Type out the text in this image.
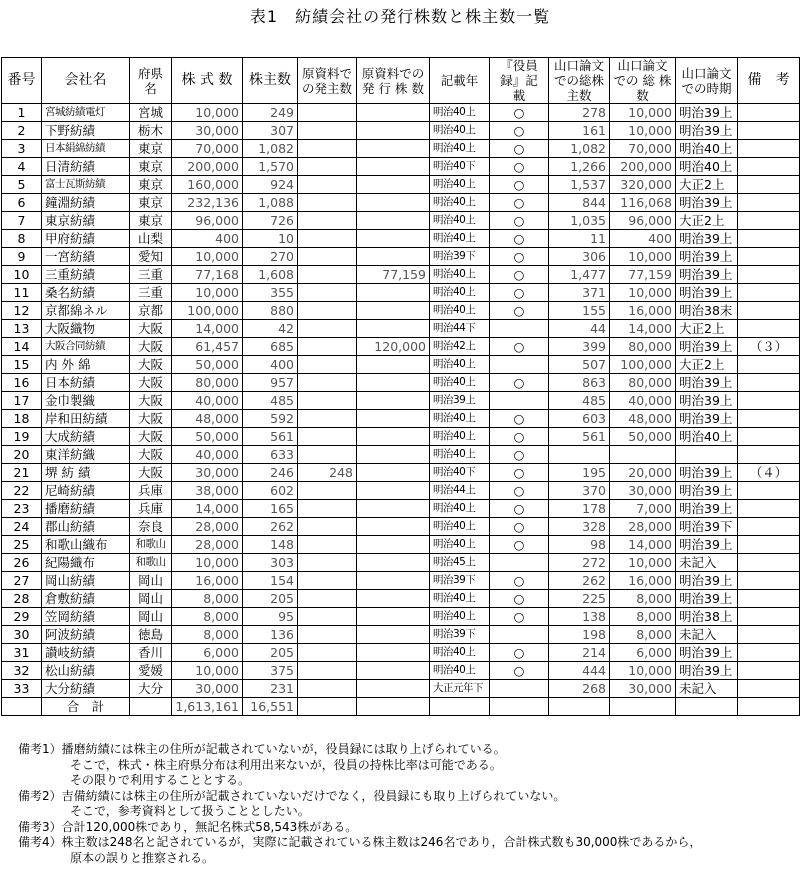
表1　紡績会社の発行株数と株主数一覧
番号	会社名	府県名	株 式 数	株主数	原資料での発主数	原資料での発 行 株 数	記載年	『役員録』記　載	山口論文での総株主数	山口論文での 総 株 数	山口論文での時期	備　考
1	宮城紡績電灯	宮城	10,000	249			明治40上	○	278	10,000	明治39上	
2	下野紡績	栃木	30,000	307			明治40上	○	161	10,000	明治39上	
3	日本絹綿紡績	東京	70,000	1,082			明治40上	○	1,082	70,000	明治40上	
4	日清紡績	東京	200,000	1,570			明治40下	○	1,266	200,000	明治40上	
5	富士瓦斯紡績	東京	160,000	924			明治40上	○	1,537	320,000	大正2上	
6	鐘淵紡績	東京	232,136	1,088			明治40上	○	844	116,068	明治39上	
7	東京紡績	東京	96,000	726			明治40上	○	1,035	96,000	大正2上	
8	甲府紡績	山梨	400	10			明治40上	○	11	400	明治39上	
9	一宮紡績	愛知	10,000	270			明治39下	○	306	10,000	明治39上	
10	三重紡績	三重	77,168	1,608		77,159	明治40上	○	1,477	77,159	明治39上	
11	桑名紡績	三重	10,000	355			明治40上	○	371	10,000	明治39上	
12	京都綿ネル	京都	100,000	880			明治40上	○	155	16,000	明治38末	
13	大阪織物	大阪	14,000	42			明治44下		44	14,000	大正2上	
14	大阪合同紡績	大阪	61,457	685		120,000	明治42上	○	399	80,000	明治39上	（３）
15	内 外 綿	大阪	50,000	400			明治40上		507	100,000	大正2上	
16	日本紡績	大阪	80,000	957			明治40上	○	863	80,000	明治39上	
17	金巾製織	大阪	40,000	485			明治39上		485	40,000	明治39上	
18	岸和田紡績	大阪	48,000	592			明治40上	○	603	48,000	明治39上	
19	大成紡績	大阪	50,000	561			明治40上	○	561	50,000	明治40上	
20	東洋紡織	大阪	40,000	633			明治40上	○				
21	堺 紡 績	大阪	30,000	246	248		明治40下	○	195	20,000	明治39上	（４）
22	尼崎紡績	兵庫	38,000	602			明治44上	○	370	30,000	明治39上	
23	播磨紡績	兵庫	14,000	165			明治40上	○	178	7,000	明治39上	
24	郡山紡績	奈良	28,000	262			明治40上	○	328	28,000	明治39下	
25	和歌山織布	和歌山	28,000	148			明治40上	○	98	14,000	明治39上	
26	紀陽織布	和歌山	10,000	303			明治45上		272	10,000	未記入	
27	岡山紡績	岡山	16,000	154			明治39下	○	262	16,000	明治39上	
28	倉敷紡績	岡山	8,000	205			明治40上	○	225	8,000	明治39上	
29	笠岡紡績	岡山	8,000	95			明治40上	○	138	8,000	明治38上	
30	阿波紡績	徳島	8,000	136			明治39下		198	8,000	未記入	
31	讃岐紡績	香川	6,000	205			明治40上	○	214	6,000	明治39上	
32	松山紡績	愛媛	10,000	375			明治40上	○	444	10,000	明治39上	
33	大分紡績	大分	30,000	231			大正元年下		268	30,000	未記入	
	合　計		1,613,161	16,551								
備考1）播磨紡績には株主の住所が記載されていないが，役員録には取り上げられている。
そこで，株式・株主府県分布は利用出来ないが，役員の持株比率は可能である。
その限りで利用することとする。
備考2）吉備紡績には株主の住所が記載されていないだけでなく，役員録にも取り上げられていない。
そこで，参考資料として扱うこととしたい。
備考3）合計120,000株であり，無記名株式58,543株がある。
備考4）株主数は248名と記されているが，実際に記載されている株主数は246名であり，合計株式数も30,000株であるから，
原本の誤りと推察される。
